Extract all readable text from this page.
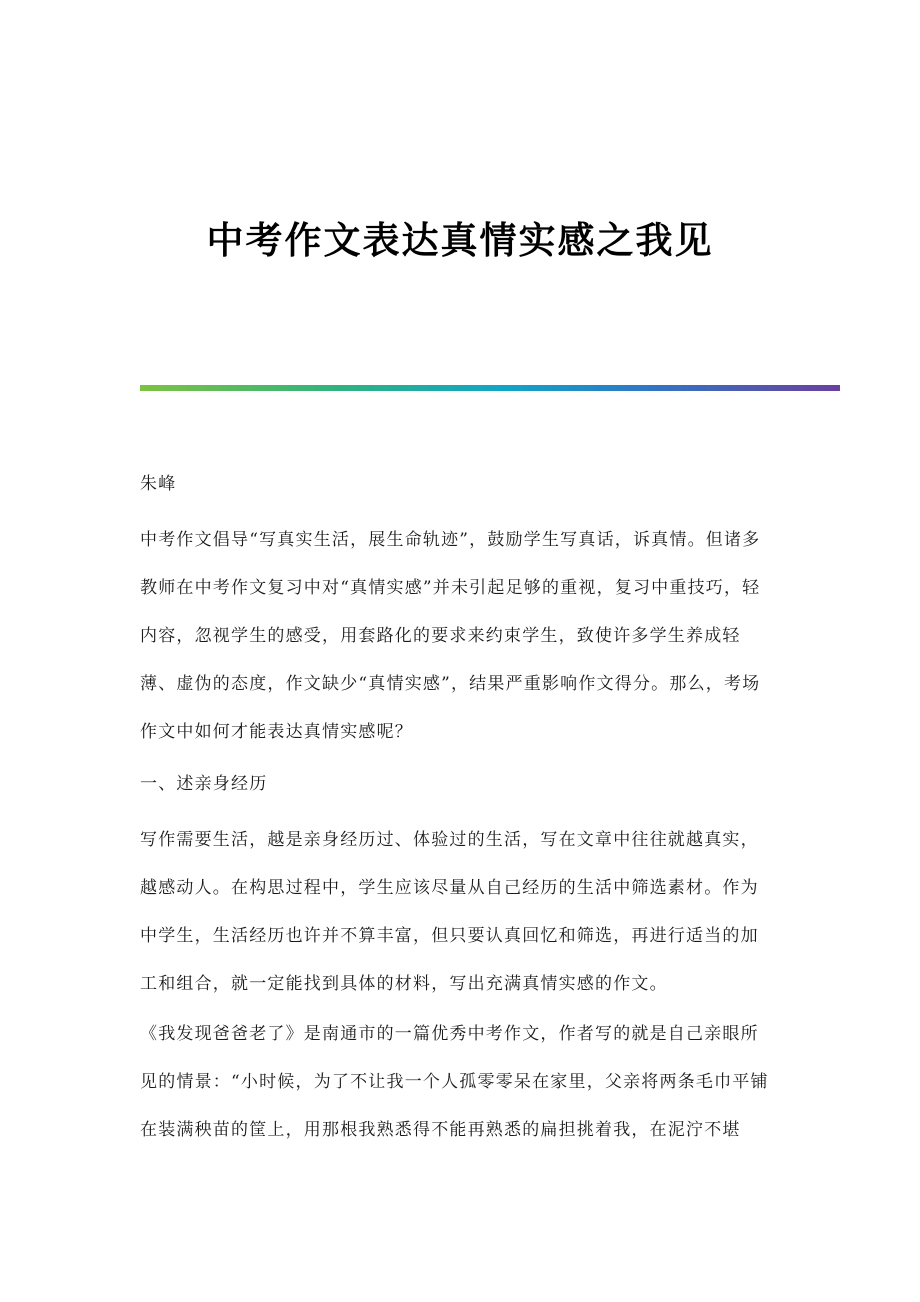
中考作文表达真情实感之我见

朱峰

中考作文倡导“写真实生活，展生命轨迹”，鼓励学生写真话，诉真情。但诸多教师在中考作文复习中对“真情实感”并未引起足够的重视，复习中重技巧，轻内容，忽视学生的感受，用套路化的要求来约束学生，致使许多学生养成轻薄、虚伪的态度，作文缺少“真情实感”，结果严重影响作文得分。那么，考场作文中如何才能表达真情实感呢？

一、述亲身经历

写作需要生活，越是亲身经历过、体验过的生活，写在文章中往往就越真实，越感动人。在构思过程中，学生应该尽量从自己经历的生活中筛选素材。作为中学生，生活经历也许并不算丰富，但只要认真回忆和筛选，再进行适当的加工和组合，就一定能找到具体的材料，写出充满真情实感的作文。

《我发现爸爸老了》是南通市的一篇优秀中考作文，作者写的就是自己亲眼所见的情景：“小时候，为了不让我一个人孤零零呆在家里，父亲将两条毛巾平铺在装满秧苗的筐上，用那根我熟悉得不能再熟悉的扁担挑着我，在泥泞不堪
